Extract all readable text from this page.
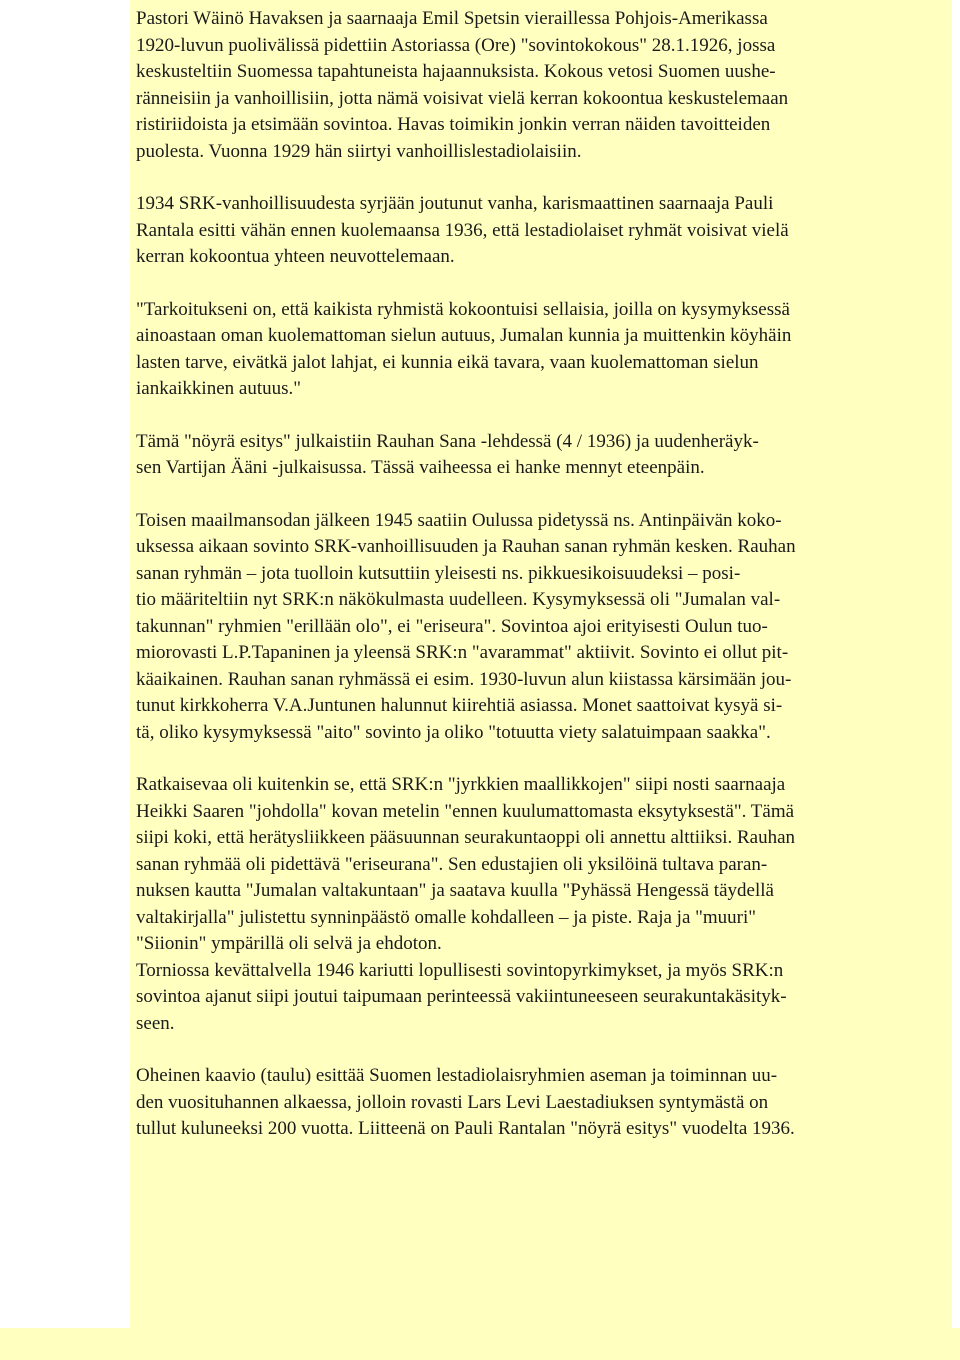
Pastori Wäinö Havaksen ja saarnaaja Emil Spetsin vieraillessa Pohjois-Amerikassa
1920-luvun puolivälissä pidettiin Astoriassa (Ore) "sovintokokous" 28.1.1926, jossa
keskusteltiin Suomessa tapahtuneista hajaannuksista. Kokous vetosi Suomen uushe-
ränneisiin ja vanhoillisiin, jotta nämä voisivat vielä kerran kokoontua keskustelemaan
ristiriidoista ja etsimään sovintoa. Havas toimikin jonkin verran näiden tavoitteiden
puolesta. Vuonna 1929 hän siirtyi vanhoillislestadiolaisiin.
1934 SRK-vanhoillisuudesta syrjään joutunut vanha, karismaattinen saarnaaja Pauli
Rantala esitti vähän ennen kuolemaansa 1936, että lestadiolaiset ryhmät voisivat vielä
kerran kokoontua yhteen neuvottelemaan.
"Tarkoitukseni on, että kaikista ryhmistä kokoontuisi sellaisia, joilla on kysymyksessä
ainoastaan oman kuolemattoman sielun autuus, Jumalan kunnia ja muittenkin köyhäin
lasten tarve, eivätkä jalot lahjat, ei kunnia eikä tavara, vaan kuolemattoman sielun
iankaikkinen autuus."
Tämä "nöyrä esitys" julkaistiin Rauhan Sana -lehdessä (4 / 1936) ja uudenheräyk-
sen Vartijan Ääni -julkaisussa. Tässä vaiheessa ei hanke mennyt eteenpäin.
Toisen maailmansodan jälkeen 1945 saatiin Oulussa pidetyssä ns. Antinpäivän koko-
uksessa aikaan sovinto SRK-vanhoillisuuden ja Rauhan sanan ryhmän kesken. Rauhan
sanan ryhmän – jota tuolloin kutsuttiin yleisesti ns. pikkuesikoisuudeksi – posi-
tio määriteltiin nyt SRK:n näkökulmasta uudelleen. Kysymyksessä oli "Jumalan val-
takunnan" ryhmien "erillään olo", ei "eriseura". Sovintoa ajoi erityisesti Oulun tuo-
miorovasti L.P.Tapaninen ja yleensä SRK:n "avarammat" aktiivit. Sovinto ei ollut pit-
käaikainen. Rauhan sanan ryhmässä ei esim. 1930-luvun alun kiistassa kärsimään jou-
tunut kirkkoherra V.A.Juntunen halunnut kiirehtiä asiassa. Monet saattoivat kysyä si-
tä, oliko kysymyksessä "aito" sovinto ja oliko "totuutta viety salatuimpaan saakka".
Ratkaisevaa oli kuitenkin se, että SRK:n "jyrkkien maallikkojen" siipi nosti saarnaaja
Heikki Saaren "johdolla" kovan metelin "ennen kuulumattomasta eksytyksestä". Tämä
siipi koki, että herätysliikkeen pääsuunnan seurakuntaoppi oli annettu alttiiksi. Rauhan
sanan ryhmää oli pidettävä "eriseurana". Sen edustajien oli yksilöinä tultava paran-
nuksen kautta "Jumalan valtakuntaan" ja saatava kuulla "Pyhässä Hengessä täydellä
valtakirjalla" julistettu synninpäästö omalle kohdalleen – ja piste. Raja ja "muuri"
"Siionin" ympärillä oli selvä ja ehdoton.
Torniossa kevättalvella 1946 kariutti lopullisesti sovintopyrkimykset, ja myös SRK:n
sovintoa ajanut siipi joutui taipumaan perinteessä vakiintuneeseen seurakuntakäsityk-
seen.
Oheinen kaavio (taulu) esittää Suomen lestadiolaisryhmien aseman ja toiminnan uu-
den vuosituhannen alkaessa, jolloin rovasti Lars Levi Laestadiuksen syntymästä on
tullut kuluneeksi 200 vuotta. Liitteenä on Pauli Rantalan "nöyrä esitys" vuodelta 1936.
